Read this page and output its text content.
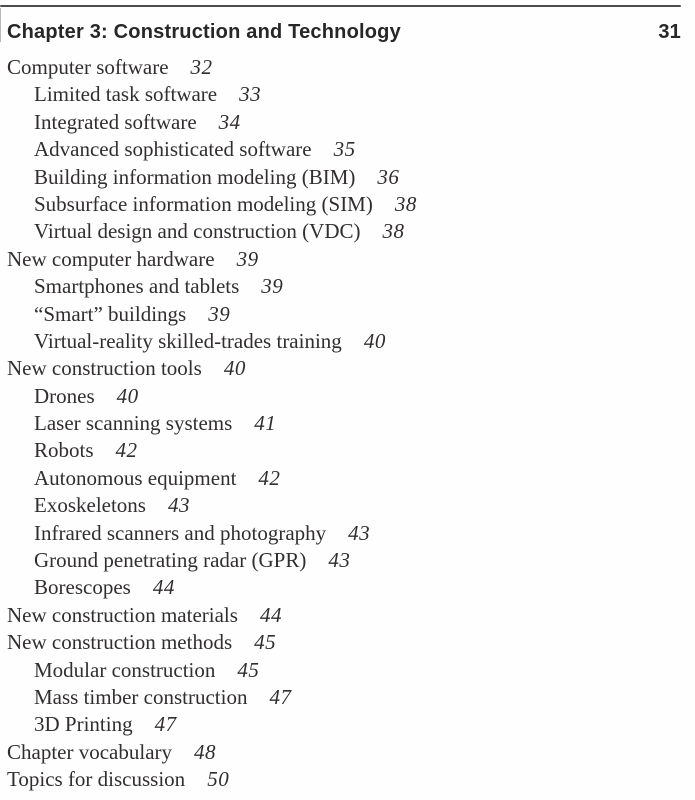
Chapter 3: Construction and Technology	31
Computer software 32
Limited task software 33
Integrated software 34
Advanced sophisticated software 35
Building information modeling (BIM) 36
Subsurface information modeling (SIM) 38
Virtual design and construction (VDC) 38
New computer hardware 39
Smartphones and tablets 39
“Smart” buildings 39
Virtual-reality skilled-trades training 40
New construction tools 40
Drones 40
Laser scanning systems 41
Robots 42
Autonomous equipment 42
Exoskeletons 43
Infrared scanners and photography 43
Ground penetrating radar (GPR) 43
Borescopes 44
New construction materials 44
New construction methods 45
Modular construction 45
Mass timber construction 47
3D Printing 47
Chapter vocabulary 48
Topics for discussion 50
